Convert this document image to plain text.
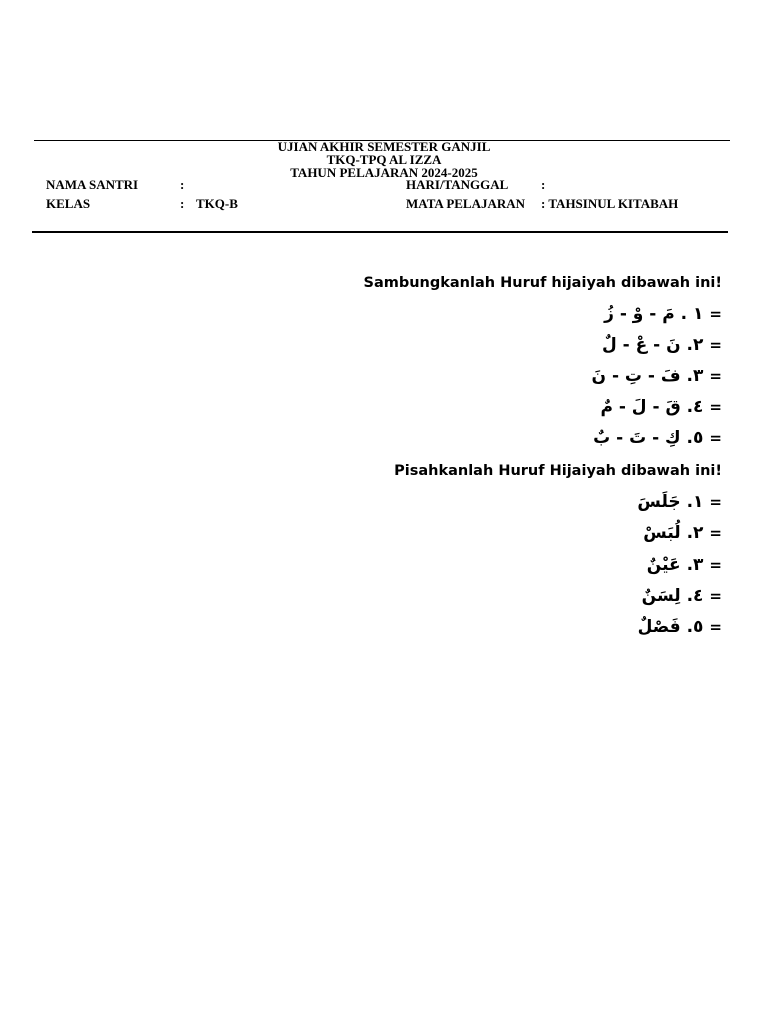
UJIAN AKHIR SEMESTER GANJIL
TKQ-TPQ AL IZZA
TAHUN PELAJARAN 2024-2025
NAMA SANTRI	:	HARI/TANGGAL	:
KELAS	: TKQ-B	MATA PELAJARAN : TAHSINUL KITABAH
Sambungkanlah Huruf hijaiyah dibawah ini!
١ . مَ - وْ - زُ =
٢. نَ - عْ - لٌ =
٣. فَ - تِ - نَ =
٤. قَ - لَ - مٌ =
٥. كِ - تَ - بٌ =
Pisahkanlah Huruf Hijaiyah dibawah ini!
١. جَلَسَ =
٢. لُبَسْ =
٣. عَيْنٌ =
٤. لِسَنٌ =
٥. فَصْلٌ =
